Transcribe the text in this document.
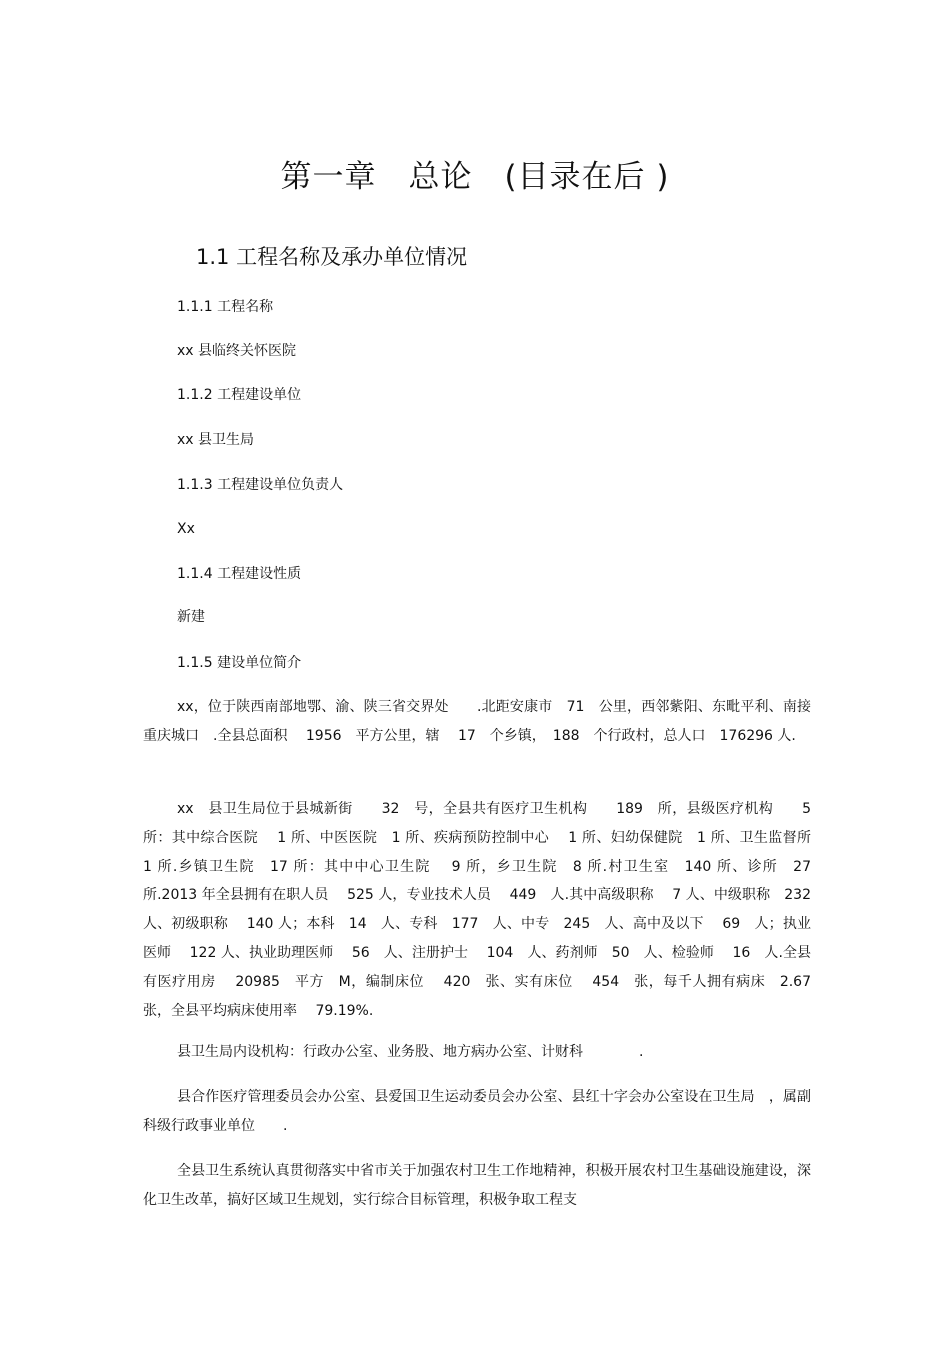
第一章　总论　(目录在后 )
1.1 工程名称及承办单位情况
1.1.1 工程名称
xx 县临终关怀医院
1.1.2 工程建设单位
xx 县卫生局
1.1.3 工程建设单位负责人
Xx
1.1.4 工程建设性质
新建
1.1.5 建设单位简介
xx，位于陕西南部地鄂、渝、陕三省交界处　　.北距安康市　71　公里，西邻紫阳、东毗平利、南接重庆城口　.全县总面积　 1956　平方公里，辖　 17　个乡镇，　188　个行政村，总人口　176296 人.
xx　县卫生局位于县城新街　　32　号，全县共有医疗卫生机构　　189　所，县级医疗机构　　5　所：其中综合医院　 1 所、中医医院　1 所、疾病预防控制中心　 1 所、妇幼保健院　1 所、卫生监督所　1 所.乡镇卫生院　17 所：其中中心卫生院　 9 所，乡卫生院　8 所.村卫生室　140 所、诊所　27 所.2013 年全县拥有在职人员　 525 人，专业技术人员　 449　人.其中高级职称　 7 人、中级职称　232　人、初级职称　 140 人；本科　14　人、专科　177　人、中专　245　人、高中及以下　 69　人；执业医师　 122 人、执业助理医师　 56　人、注册护士　 104　人、药剂师　50　人、检验师　 16　人.全县有医疗用房　 20985　平方　M，编制床位　 420　张、实有床位　 454　张，每千人拥有病床　2.67 张，全县平均病床使用率　 79.19%.
县卫生局内设机构：行政办公室、业务股、地方病办公室、计财科　　　　.
县合作医疗管理委员会办公室、县爱国卫生运动委员会办公室、县红十字会办公室设在卫生局　，属副科级行政事业单位　　.
全县卫生系统认真贯彻落实中省市关于加强农村卫生工作地精神，积极开展农村卫生基础设施建设，深化卫生改革，搞好区域卫生规划，实行综合目标管理，积极争取工程支
